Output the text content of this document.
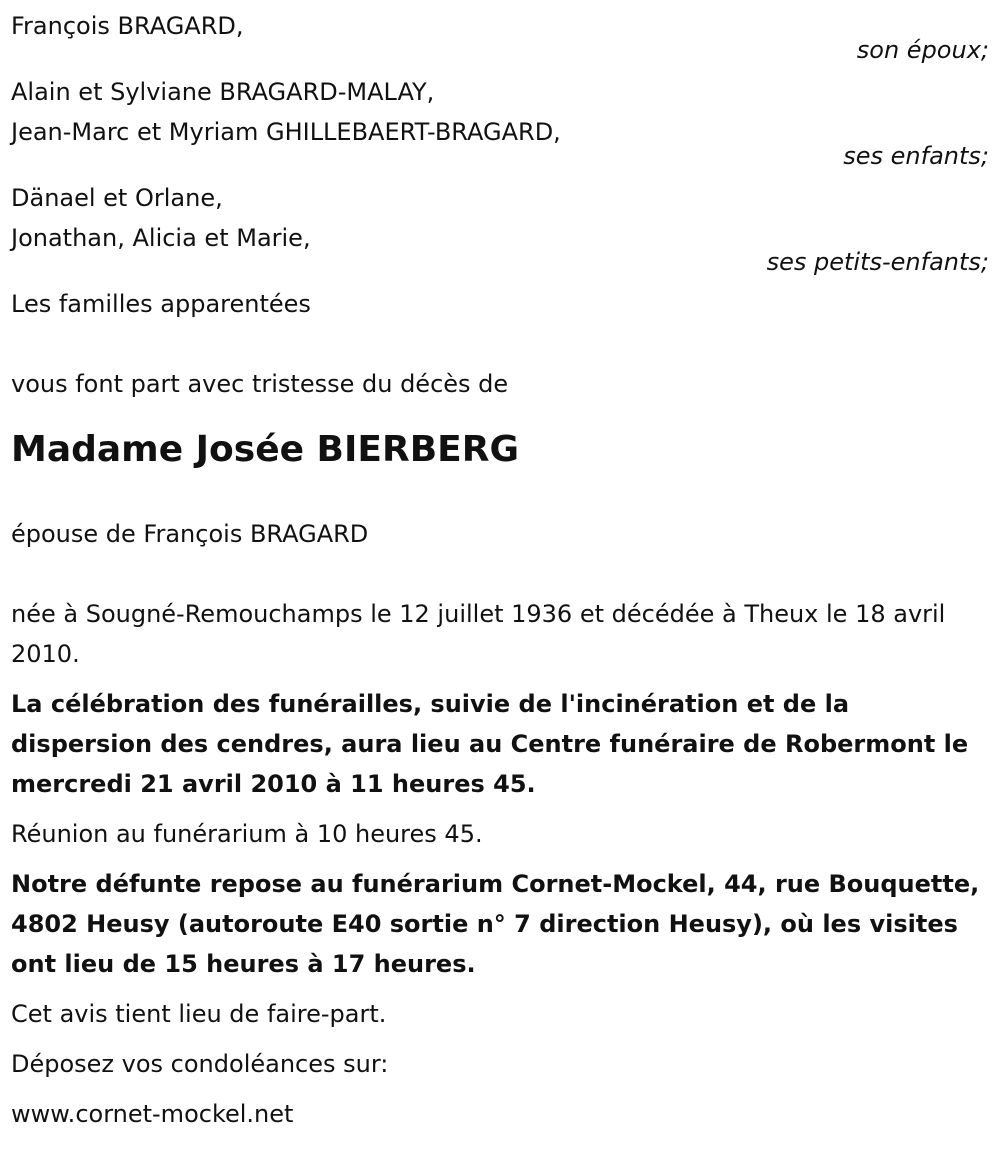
François BRAGARD,
son époux;
Alain et Sylviane BRAGARD-MALAY,
Jean-Marc et Myriam GHILLEBAERT-BRAGARD,
ses enfants;
Dänael et Orlane,
Jonathan, Alicia et Marie,
ses petits-enfants;
Les familles apparentées
vous font part avec tristesse du décès de
Madame Josée BIERBERG
épouse de François BRAGARD
née à Sougné-Remouchamps le 12 juillet 1936 et décédée à Theux le 18 avril 2010.
La célébration des funérailles, suivie de l'incinération et de la dispersion des cendres, aura lieu au Centre funéraire de Robermont le mercredi 21 avril 2010 à 11 heures 45.
Réunion au funérarium à 10 heures 45.
Notre défunte repose au funérarium Cornet-Mockel, 44, rue Bouquette, 4802 Heusy (autoroute E40 sortie n° 7 direction Heusy), où les visites ont lieu de 15 heures à 17 heures.
Cet avis tient lieu de faire-part.
Déposez vos condoléances sur:
www.cornet-mockel.net
